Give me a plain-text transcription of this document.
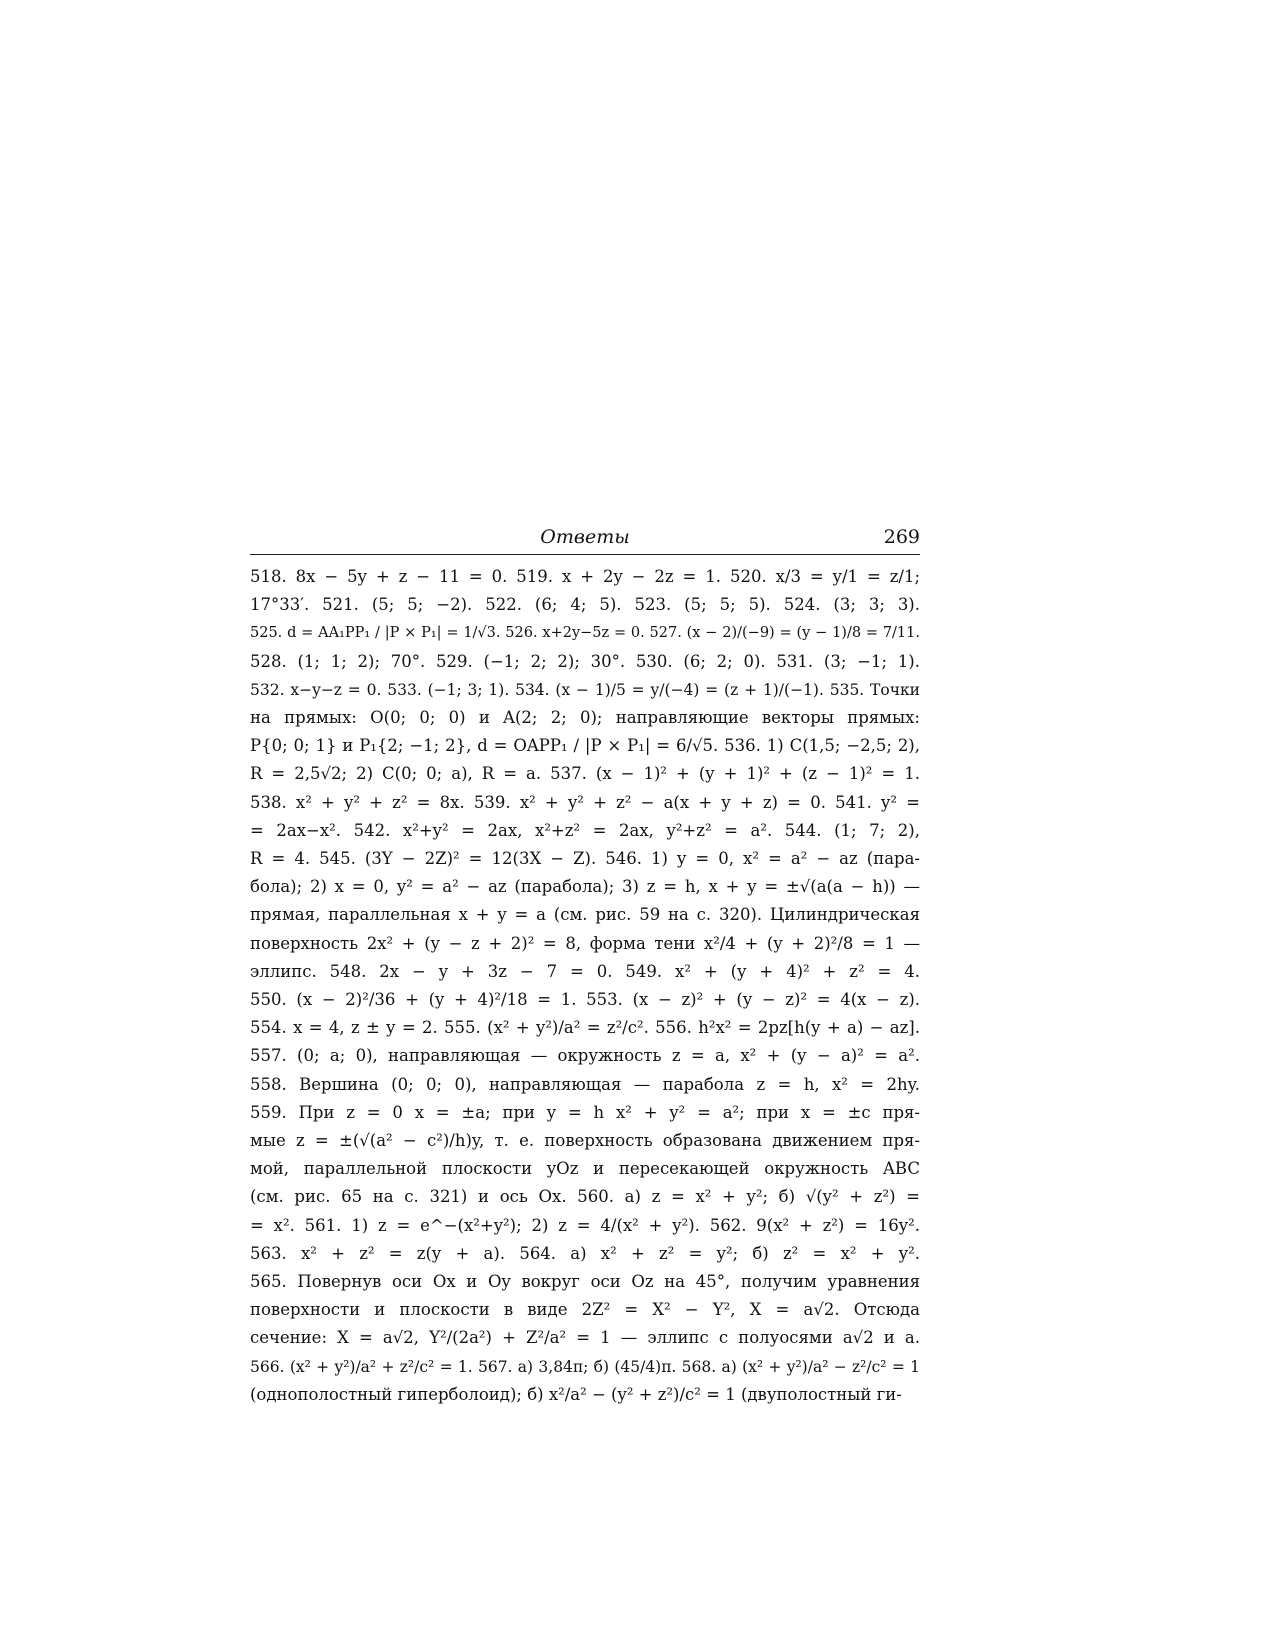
Ответы	269
518. 8x − 5y + z − 11 = 0. 519. x + 2y − 2z = 1. 520. x/3 = y/1 = z/1;
17°33′. 521. (5; 5; −2). 522. (6; 4; 5). 523. (5; 5; 5). 524. (3; 3; 3).
525. d = AA₁PP₁ / |P × P₁| = 1/√3. 526. x+2y−5z = 0. 527. (x − 2)/(−9) = (y − 1)/8 = 7/11.
528. (1; 1; 2); 70°. 529. (−1; 2; 2); 30°. 530. (6; 2; 0). 531. (3; −1; 1).
532. x−y−z = 0. 533. (−1; 3; 1). 534. (x − 1)/5 = y/(−4) = (z + 1)/(−1). 535. Точки
на прямых: O(0; 0; 0) и A(2; 2; 0); направляющие векторы прямых:
P{0; 0; 1} и P₁{2; −1; 2}, d = OAPP₁ / |P × P₁| = 6/√5. 536. 1) C(1,5; −2,5; 2),
R = 2,5√2; 2) C(0; 0; a), R = a. 537. (x − 1)² + (y + 1)² + (z − 1)² = 1.
538. x² + y² + z² = 8x. 539. x² + y² + z² − a(x + y + z) = 0. 541. y² =
= 2ax−x². 542. x²+y² = 2ax, x²+z² = 2ax, y²+z² = a². 544. (1; 7; 2),
R = 4. 545. (3Y − 2Z)² = 12(3X − Z). 546. 1) y = 0, x² = a² − az (пара-
бола); 2) x = 0, y² = a² − az (парабола); 3) z = h, x + y = ±√(a(a − h)) —
прямая, параллельная x + y = a (см. рис. 59 на с. 320). Цилиндрическая
поверхность 2x² + (y − z + 2)² = 8, форма тени x²/4 + (y + 2)²/8 = 1 —
эллипс. 548. 2x − y + 3z − 7 = 0. 549. x² + (y + 4)² + z² = 4.
550. (x − 2)²/36 + (y + 4)²/18 = 1. 553. (x − z)² + (y − z)² = 4(x − z).
554. x = 4, z ± y = 2. 555. (x² + y²)/a² = z²/c². 556. h²x² = 2pz[h(y + a) − az].
557. (0; a; 0), направляющая — окружность z = a, x² + (y − a)² = a².
558. Вершина (0; 0; 0), направляющая — парабола z = h, x² = 2hy.
559. При z = 0 x = ±a; при y = h x² + y² = a²; при x = ±c пря-
мые z = ±(√(a² − c²)/h)y, т. е. поверхность образована движением пря-
мой, параллельной плоскости yOz и пересекающей окружность ABC
(см. рис. 65 на с. 321) и ось Ox. 560. а) z = x² + y²; б) √(y² + z²) =
= x². 561. 1) z = e^−(x²+y²); 2) z = 4/(x² + y²). 562. 9(x² + z²) = 16y².
563. x² + z² = z(y + a). 564. а) x² + z² = y²; б) z² = x² + y².
565. Повернув оси Ox и Oy вокруг оси Oz на 45°, получим уравнения
поверхности и плоскости в виде 2Z² = X² − Y², X = a√2. Отсюда
сечение: X = a√2, Y²/(2a²) + Z²/a² = 1 — эллипс с полуосями a√2 и a.
566. (x² + y²)/a² + z²/c² = 1. 567. а) 3,84π; б) (45/4)π. 568. а) (x² + y²)/a² − z²/c² = 1
(однополостный гиперболоид); б) x²/a² − (y² + z²)/c² = 1 (двуполостный ги-
